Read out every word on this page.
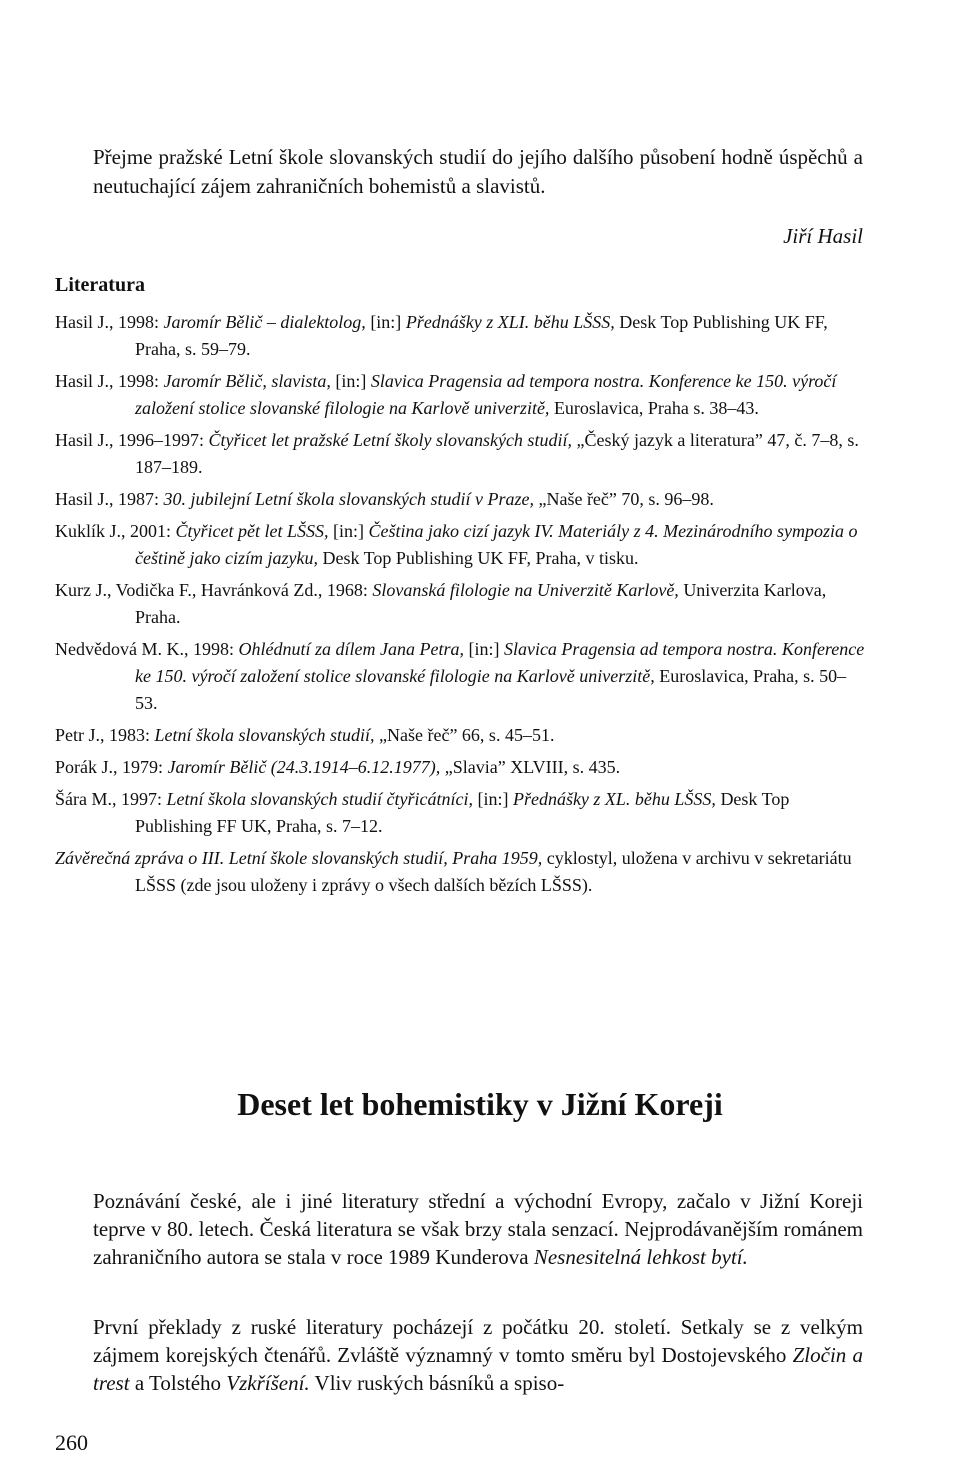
Přejme pražské Letní škole slovanských studií do jejího dalšího působení hodně úspěchů a neutuchající zájem zahraničních bohemistů a slavistů.
Jiří Hasil
Literatura
Hasil J., 1998: Jaromír Bělič – dialektolog, [in:] Přednášky z XLI. běhu LŠSS, Desk Top Publishing UK FF, Praha, s. 59–79.
Hasil J., 1998: Jaromír Bělič, slavista, [in:] Slavica Pragensia ad tempora nostra. Konference ke 150. výročí založení stolice slovanské filologie na Karlově univerzitě, Euroslavica, Praha s. 38–43.
Hasil J., 1996–1997: Čtyřicet let pražské Letní školy slovanských studií, „Český jazyk a literatura” 47, č. 7–8, s. 187–189.
Hasil J., 1987: 30. jubilejní Letní škola slovanských studií v Praze, „Naše řeč” 70, s. 96–98.
Kuklík J., 2001: Čtyřicet pět let LŠSS, [in:] Čeština jako cizí jazyk IV. Materiály z 4. Mezinárodního sympozia o češtině jako cizím jazyku, Desk Top Publishing UK FF, Praha, v tisku.
Kurz J., Vodička F., Havránková Zd., 1968: Slovanská filologie na Univerzitě Karlově, Univerzita Karlova, Praha.
Nedvědová M. K., 1998: Ohlédnutí za dílem Jana Petra, [in:] Slavica Pragensia ad tempora nostra. Konference ke 150. výročí založení stolice slovanské filologie na Karlově univerzitě, Euroslavica, Praha, s. 50–53.
Petr J., 1983: Letní škola slovanských studií, „Naše řeč” 66, s. 45–51.
Porák J., 1979: Jaromír Bělič (24.3.1914–6.12.1977), „Slavia” XLVIII, s. 435.
Šára M., 1997: Letní škola slovanských studií čtyřicátníci, [in:] Přednášky z XL. běhu LŠSS, Desk Top Publishing FF UK, Praha, s. 7–12.
Závěrečná zpráva o III. Letní škole slovanských studií, Praha 1959, cyklostyl, uložena v archivu v sekretariátu LŠSS (zde jsou uloženy i zprávy o všech dalších bězích LŠSS).
Deset let bohemistiky v Jižní Koreji
Poznávání české, ale i jiné literatury střední a východní Evropy, začalo v Jižní Koreji teprve v 80. letech. Česká literatura se však brzy stala senzací. Nejprodávanějším románem zahraničního autora se stala v roce 1989 Kunderova Nesnesitelná lehkost bytí.
První překlady z ruské literatury pocházejí z počátku 20. století. Setkaly se z velkým zájmem korejských čtenářů. Zvláště významný v tomto směru byl Dostojevského Zločin a trest a Tolstého Vzkříšení. Vliv ruských básníků a spiso-
260
